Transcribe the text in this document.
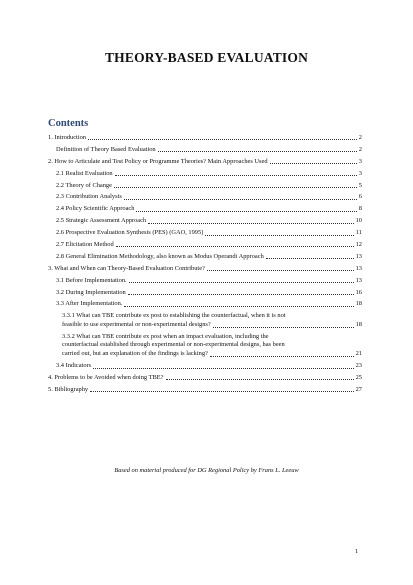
THEORY-BASED EVALUATION
Contents
1. Introduction	2
Definition of Theory Based Evaluation	2
2. How to Articulate and Test Policy or Programme Theories? Main Approaches Used	3
2.1 Realist Evaluation	3
2.2 Theory of Change	5
2.3 Contribution Analysis	6
2.4 Policy Scientific Approach	8
2.5 Strategic Assessment Approach	10
2.6 Prospective Evaluation Synthesis (PES) (GAO, 1995)	11
2.7 Elicitation Method	12
2.8 General Elimination Methodology, also known as Modus Operandi Approach	13
3. What and When can Theory-Based Evaluation Contribute?	13
3.1 Before Implementation.	13
3.2 During Implementation	16
3.3 After Implementation.	18
3.3.1 What can TBE contribute ex post to establishing the counterfactual, when it is not
feasible to use experimental or non-experimental designs?	18
3.3.2 What can TBE contribute ex post when an impact evaluation, including the
counterfactual established through experimental or non-experimental designs, has been
carried out, but an explanation of the findings is lacking?	21
3.4 Indicators	23
4. Problems to be Avoided when doing TBE?	25
5. Bibliography	27
Based on material produced for DG Regional Policy by Frans L. Leeuw
1
